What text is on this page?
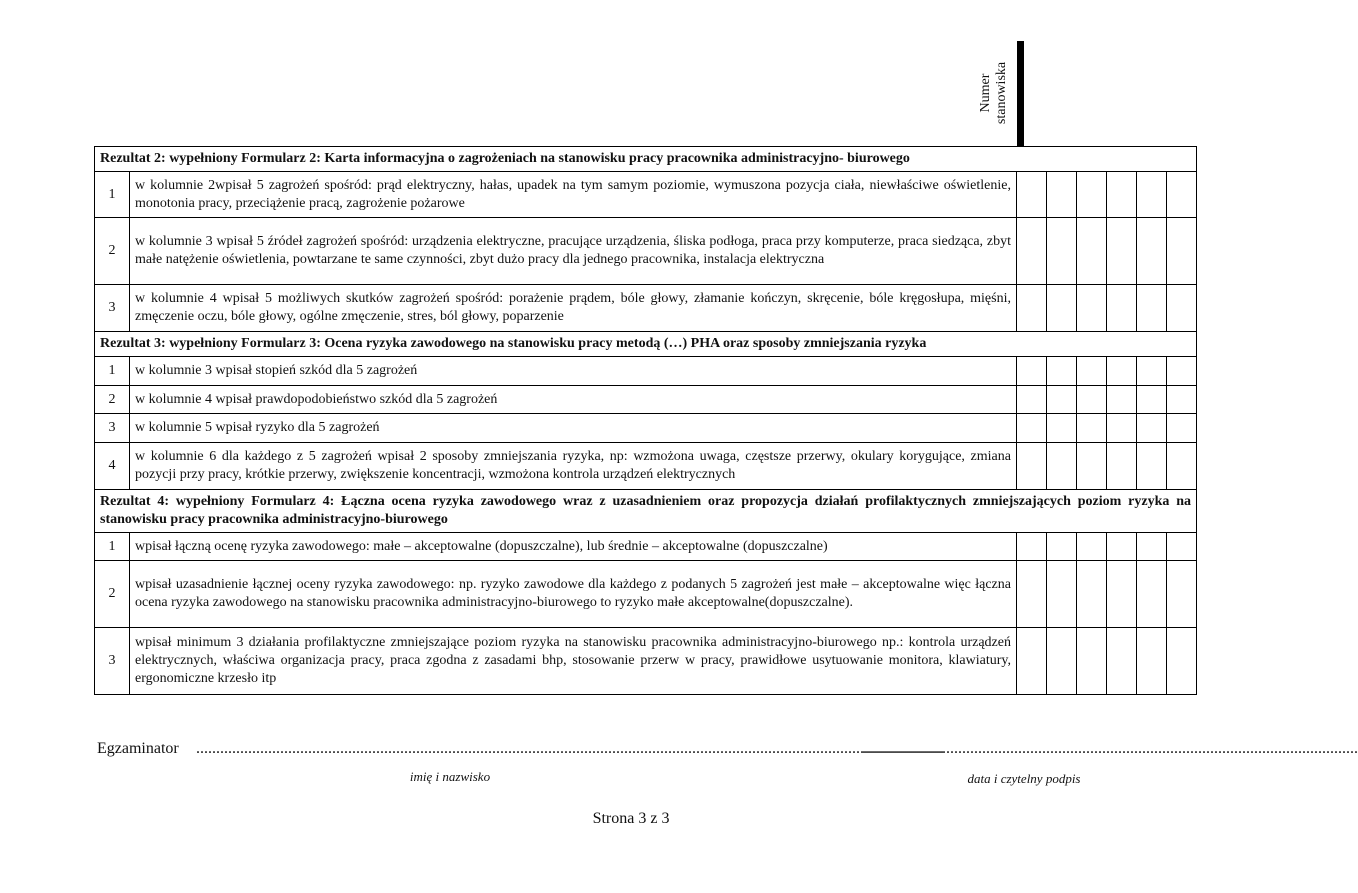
Numer stanowiska

Rezultat 2: wypełniony Formularz 2: Karta informacyjna o zagrożeniach na stanowisku pracy pracownika administracyjno- biurowego							
1	w kolumnie 2wpisał 5 zagrożeń spośród: prąd elektryczny, hałas, upadek na tym samym poziomie, wymuszona pozycja ciała, niewłaściwe oświetlenie, monotonia pracy, przeciążenie pracą, zagrożenie pożarowe						
2	w kolumnie 3 wpisał 5 źródeł zagrożeń spośród: urządzenia elektryczne, pracujące urządzenia, śliska podłoga, praca przy komputerze, praca siedząca, zbyt małe natężenie oświetlenia, powtarzane te same czynności, zbyt dużo pracy dla jednego pracownika, instalacja elektryczna						
3	w kolumnie 4 wpisał 5 możliwych skutków zagrożeń spośród: porażenie prądem, bóle głowy, złamanie kończyn, skręcenie, bóle kręgosłupa, mięśni, zmęczenie oczu, bóle głowy, ogólne zmęczenie, stres, ból głowy, poparzenie						
Rezultat 3: wypełniony Formularz 3: Ocena ryzyka zawodowego na stanowisku pracy metodą (…) PHA oraz sposoby zmniejszania ryzyka							
1	w kolumnie 3 wpisał stopień szkód dla 5 zagrożeń						
2	w kolumnie 4 wpisał prawdopodobieństwo szkód dla 5 zagrożeń						
3	w kolumnie 5 wpisał ryzyko dla 5 zagrożeń						
4	w kolumnie 6 dla każdego z 5 zagrożeń wpisał 2 sposoby zmniejszania ryzyka, np: wzmożona uwaga, częstsze przerwy, okulary korygujące, zmiana pozycji przy pracy, krótkie przerwy, zwiększenie koncentracji, wzmożona kontrola urządzeń elektrycznych						
Rezultat 4: wypełniony Formularz 4: Łączna ocena ryzyka zawodowego wraz z uzasadnieniem oraz propozycja działań profilaktycznych zmniejszających poziom ryzyka na stanowisku pracy pracownika administracyjno-biurowego							
1	wpisał łączną ocenę ryzyka zawodowego: małe – akceptowalne (dopuszczalne), lub średnie – akceptowalne (dopuszczalne)						
2	wpisał uzasadnienie łącznej oceny ryzyka zawodowego: np. ryzyko zawodowe dla każdego z podanych 5 zagrożeń jest małe – akceptowalne więc łączna ocena ryzyka zawodowego na stanowisku pracownika administracyjno-biurowego to ryzyko małe akceptowalne(dopuszczalne).						
3	wpisał minimum 3 działania profilaktyczne zmniejszające poziom ryzyka na stanowisku pracownika administracyjno-biurowego np.: kontrola urządzeń elektrycznych, właściwa organizacja pracy, praca zgodna z zasadami bhp, stosowanie przerw w pracy, prawidłowe usytuowanie monitora, klawiatury, ergonomiczne krzesło itp						
Egzaminator ...........................................................................................................................................................................................
............................................................................................................................
imię i nazwisko	data i czytelny podpis
Strona 3 z 3
